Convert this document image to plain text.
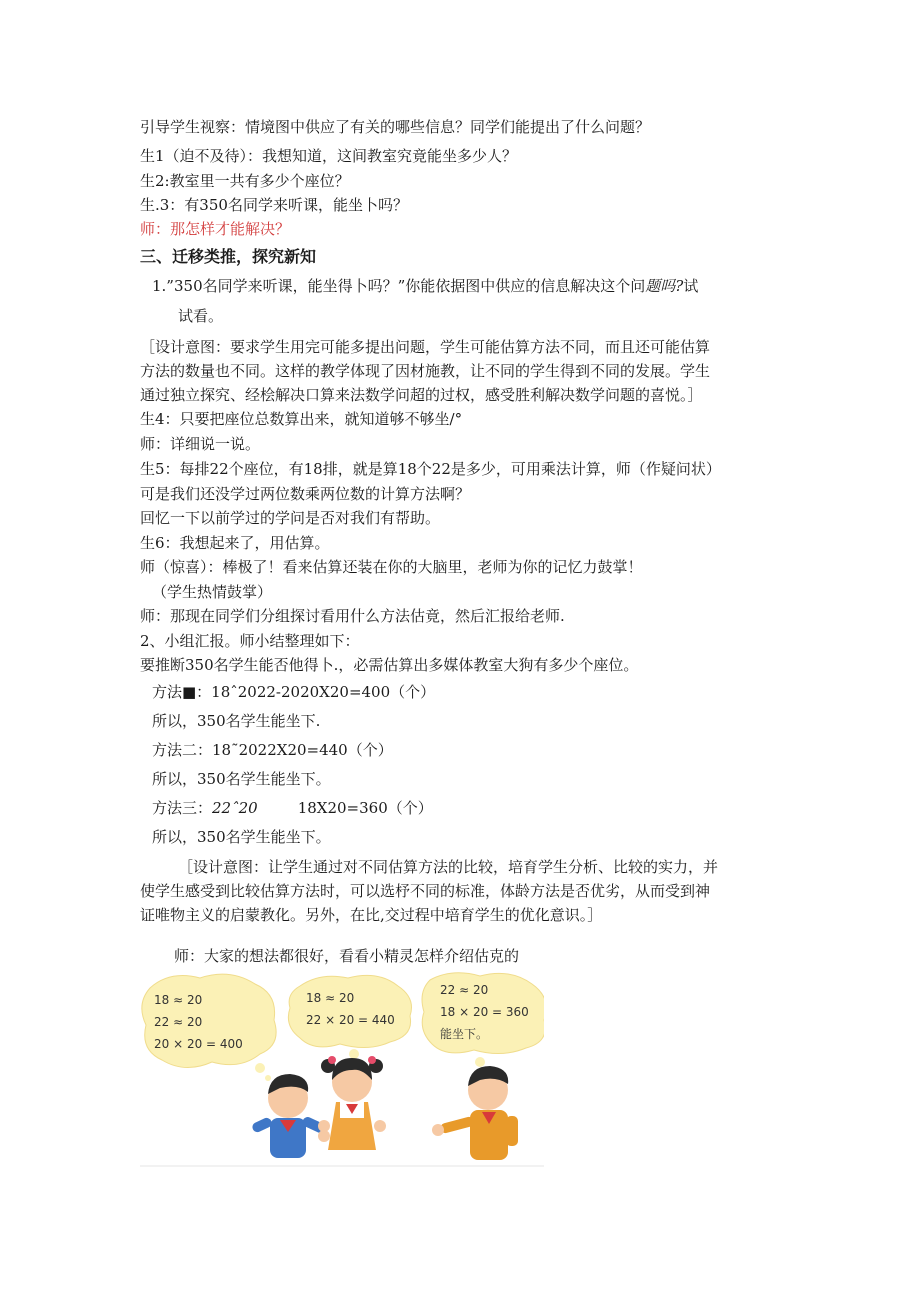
引导学生视察：情境图中供应了有关的哪些信息？同学们能提出了什么问题？
生1（迫不及待）：我想知道，这间教室究竟能坐多少人？
生2:教室里一共有多少个座位？
生.3：有350名同学来听课，能坐卜吗？
师：那怎样才能解决？
三、迁移类推，探究新知
1.”350名同学来听课，能坐得卜吗？”你能依据图中供应的信息解决这个问题吗?试
试看。
［设计意图：要求学生用完可能多提出问题，学生可能估算方法不同，而且还可能估算
方法的数量也不同。这样的教学体现了因材施教，让不同的学生得到不同的发展。学生
通过独立探究、经桧解决口算来法数学问超的过权，感受胜利解决数学问题的喜悦。］
生4：只要把座位总数算出来，就知道够不够坐/°
师：详细说一说。
生5：每排22个座位，有18排，就是算18个22是多少，可用乘法计算，师（作疑问状）
可是我们还没学过两位数乘两位数的计算方法啊？
回忆一下以前学过的学问是否对我们有帮助。
生6：我想起来了，用估算。
师（惊喜）：棒极了！看来估算还装在你的大脑里，老师为你的记忆力鼓掌！
（学生热情鼓掌）
师：那现在同学们分组探讨看用什么方法估竟，然后汇报给老师.
2、小组汇报。师小结整理如下：
要推断350名学生能否他得卜.，必需估算出多媒体教室大狗有多少个座位。
方法■：18ˆ2022-2020X20=400（个）
所以，350名学生能坐下.
方法二：18˜2022X20=440（个）
所以，350名学生能坐下。
方法三：22ˆ20	18X20=360（个）
所以，350名学生能坐下。
［设计意图：让学生通过对不同估算方法的比较，培育学生分析、比较的实力，并
使学生感受到比较估算方法时，可以选杼不同的标准，体龄方法是否优劣，从而受到神
证唯物主义的启蒙教化。另外，在比,交过程中培育学生的优化意识。］
师：大家的想法都很好，看看小精灵怎样介绍估克的
18 ≈ 20
22 ≈ 20
20 × 20 = 400
18 ≈ 20
22 × 20 = 440
22 ≈ 20
18 × 20 = 360
能坐下。
